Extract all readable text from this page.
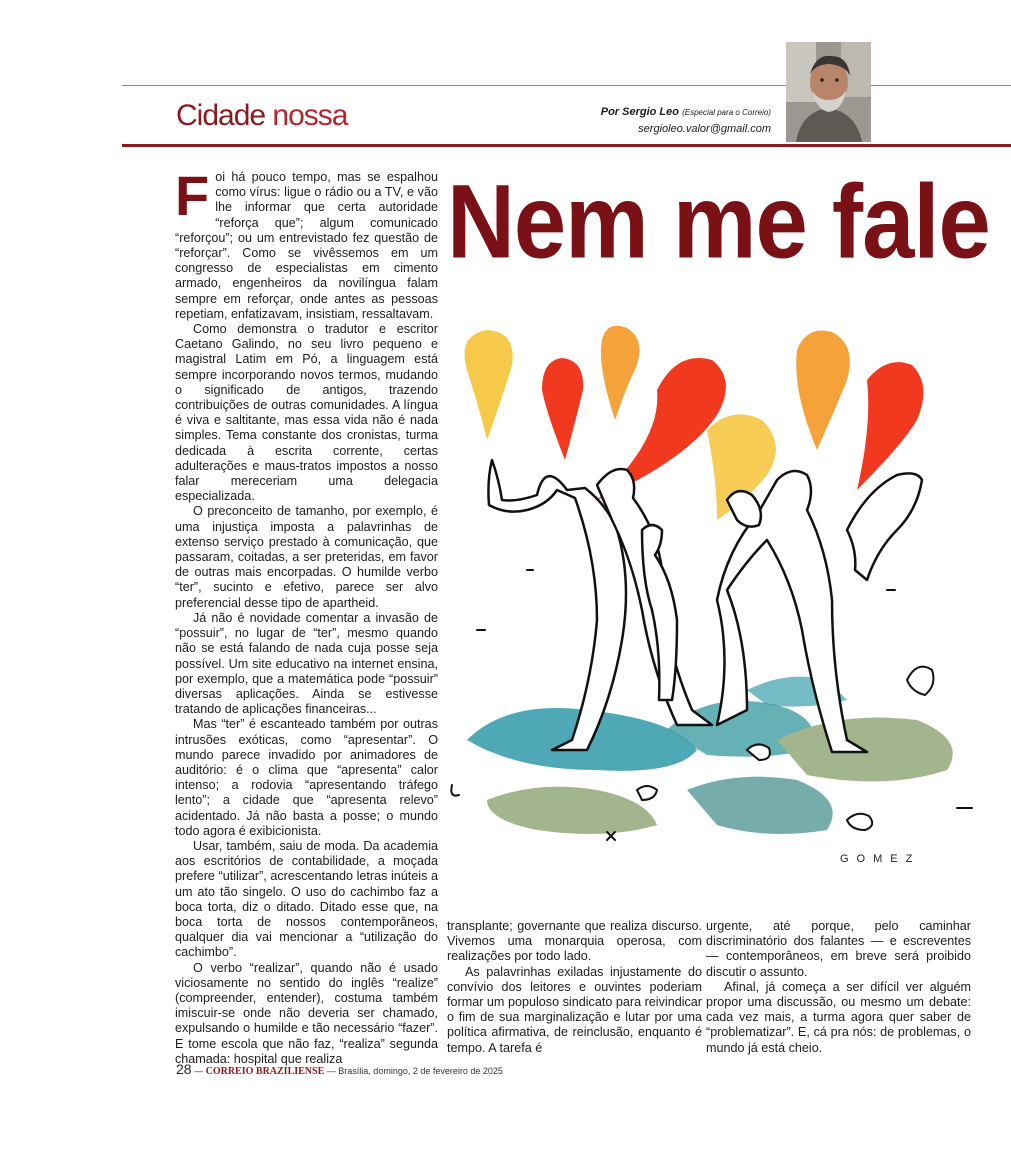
Cidade nossa	Por Sergio Leo (Especial para o Correio)
sergioleo.valor@gmail.com
Nem me fale

Foi há pouco tempo, mas se espalhou como vírus: ligue o rádio ou a TV, e vão lhe informar que certa autoridade “reforça que”; algum comunicado “reforçou”; ou um entrevistado fez questão de “reforçar”. Como se vivêssemos em um congresso de especialistas em cimento armado, engenheiros da novilíngua falam sempre em reforçar, onde antes as pessoas repetiam, enfatizavam, insistiam, ressaltavam.

Como demonstra o tradutor e escritor Caetano Galindo, no seu livro pequeno e magistral Latim em Pó, a linguagem está sempre incorporando novos termos, mudando o significado de antigos, trazendo contribuições de outras comunidades. A língua é viva e saltitante, mas essa vida não é nada simples. Tema constante dos cronistas, turma dedicada à escrita corrente, certas adulterações e maus-tratos impostos a nosso falar mereceriam uma delegacia especializada.

O preconceito de tamanho, por exemplo, é uma injustiça imposta a palavrinhas de extenso serviço prestado à comunicação, que passaram, coitadas, a ser preteridas, em favor de outras mais encorpadas. O humilde verbo “ter”, sucinto e efetivo, parece ser alvo preferencial desse tipo de apartheid.

Já não é novidade comentar a invasão de “possuir”, no lugar de “ter”, mesmo quando não se está falando de nada cuja posse seja possível. Um site educativo na internet ensina, por exemplo, que a matemática pode “possuir” diversas aplicações. Ainda se estivesse tratando de aplicações financeiras...

Mas “ter” é escanteado também por outras intrusões exóticas, como “apresentar”. O mundo parece invadido por animadores de auditório: é o clima que “apresenta” calor intenso; a rodovia “apresentando tráfego lento”; a cidade que “apresenta relevo” acidentado. Já não basta a posse; o mundo todo agora é exibicionista.

Usar, também, saiu de moda. Da academia aos escritórios de contabilidade, a moçada prefere “utilizar”, acrescentando letras inúteis a um ato tão singelo. O uso do cachimbo faz a boca torta, diz o ditado. Ditado esse que, na boca torta de nossos contemporâneos, qualquer dia vai mencionar a “utilização do cachimbo”.

O verbo “realizar”, quando não é usado viciosamente no sentido do inglês “realize” (compreender, entender), costuma também imiscuir-se onde não deveria ser chamado, expulsando o humilde e tão necessário “fazer”. E tome escola que não faz, “realiza” segunda chamada: hospital que realiza

GOMEZ

transplante; governante que realiza discurso. Vivemos uma monarquia operosa, com realizações por todo lado.

As palavrinhas exiladas injustamente do convívio dos leitores e ouvintes poderiam formar um populoso sindicato para reivindicar o fim de sua marginalização e lutar por uma política afirmativa, de reinclusão, enquanto é tempo. A tarefa é

urgente, até porque, pelo caminhar discriminatório dos falantes — e escreventes — contemporâneos, em breve será proibido discutir o assunto.

Afinal, já começa a ser difícil ver alguém propor uma discussão, ou mesmo um debate: cada vez mais, a turma agora quer saber de “problematizar”. E, cá pra nós: de problemas, o mundo já está cheio.

28 — CORREIO BRAZILIENSE — Brasília, domingo, 2 de fevereiro de 2025
